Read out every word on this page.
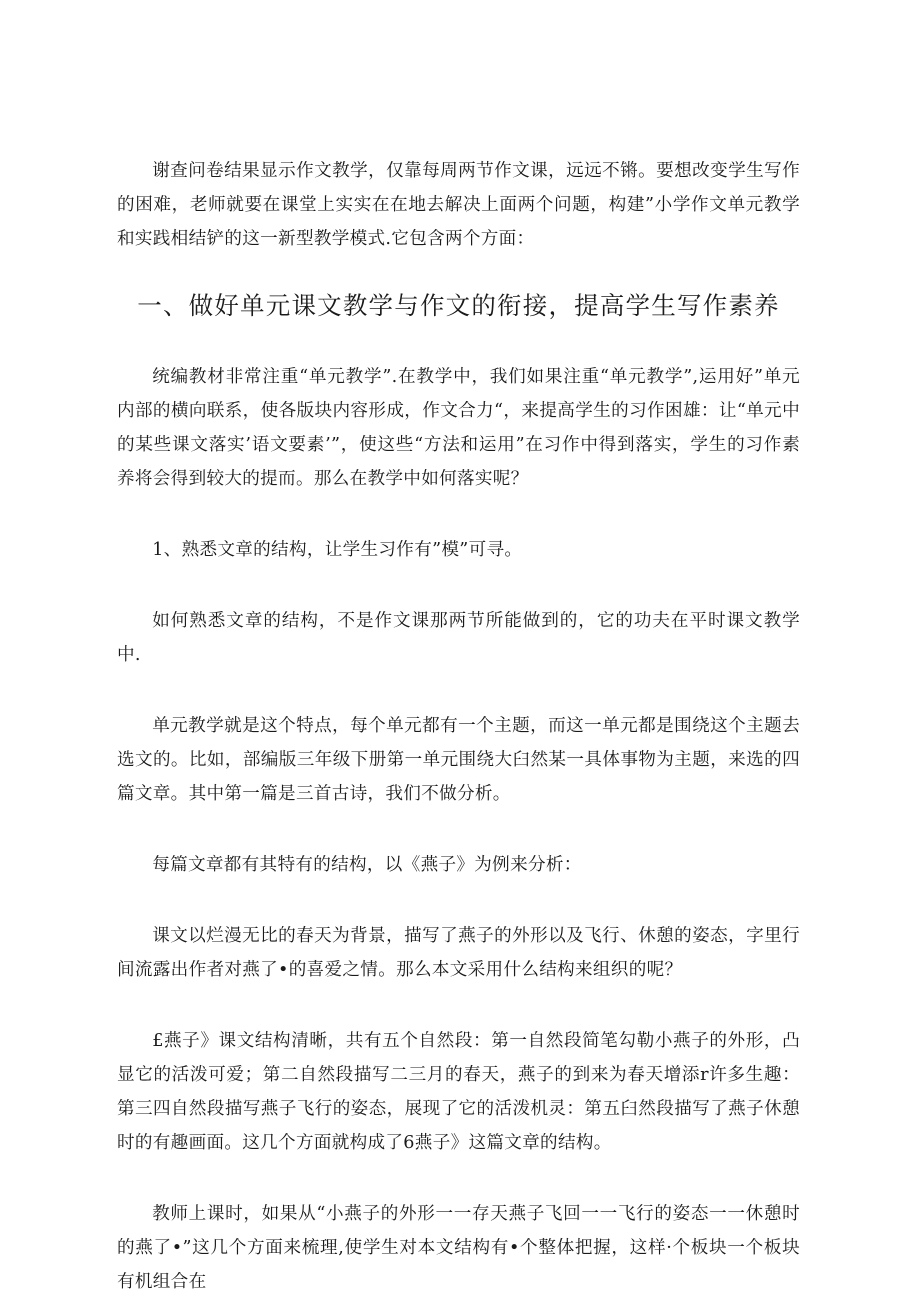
谢查问卷结果显示作文教学，仅靠每周两节作文课，远远不锵。要想改变学生写作的困难，老师就要在课堂上实实在在地去解决上面两个问题，构建”小学作文单元教学和实践相结铲的这一新型教学模式.它包含两个方面：

一、做好单元课文教学与作文的衔接，提高学生写作素养

统编教材非常注重“单元教学”.在教学中，我们如果注重“单元教学”,运用好”单元内部的横向联系，使各版块内容形成，作文合力“，来提高学生的习作困雄：让“单元中的某些课文落实’语文要素’”，使这些“方法和运用”在习作中得到落实，学生的习作素养将会得到较大的提而。那么在教学中如何落实呢？

1、熟悉文章的结构，让学生习作有”模”可寻。

如何熟悉文章的结构，不是作文课那两节所能做到的，它的功夫在平时课文教学中.

单元教学就是这个特点，每个单元都有一个主题，而这一单元都是围绕这个主题去选文的。比如，部编版三年级下册第一单元围绕大臼然某一具体事物为主题，来选的四篇文章。其中第一篇是三首古诗，我们不做分析。

每篇文章都有其特有的结构，以《燕子》为例来分析：

课文以烂漫无比的春天为背景，描写了燕子的外形以及飞行、休憩的姿态，字里行间流露出作者对燕了•的喜爱之情。那么本文采用什么结构来组织的呢？

£燕子》课文结构清晰，共有五个自然段：第一自然段简笔勾勒小燕子的外形，凸显它的活泼可爱；第二自然段描写二三月的春天，燕子的到来为春天增添r许多生趣：第三四自然段描写燕子飞行的姿态，展现了它的活泼机灵：第五臼然段描写了燕子休憩时的有趣画面。这几个方面就构成了6燕子》这篇文章的结构。

教师上课时，如果从“小燕子的外形一一存天燕子飞回一一飞行的姿态一一休憩时的燕了•”这几个方面来梳理,使学生对本文结构有•个整体把握，这样·个板块一个板块有机组合在
